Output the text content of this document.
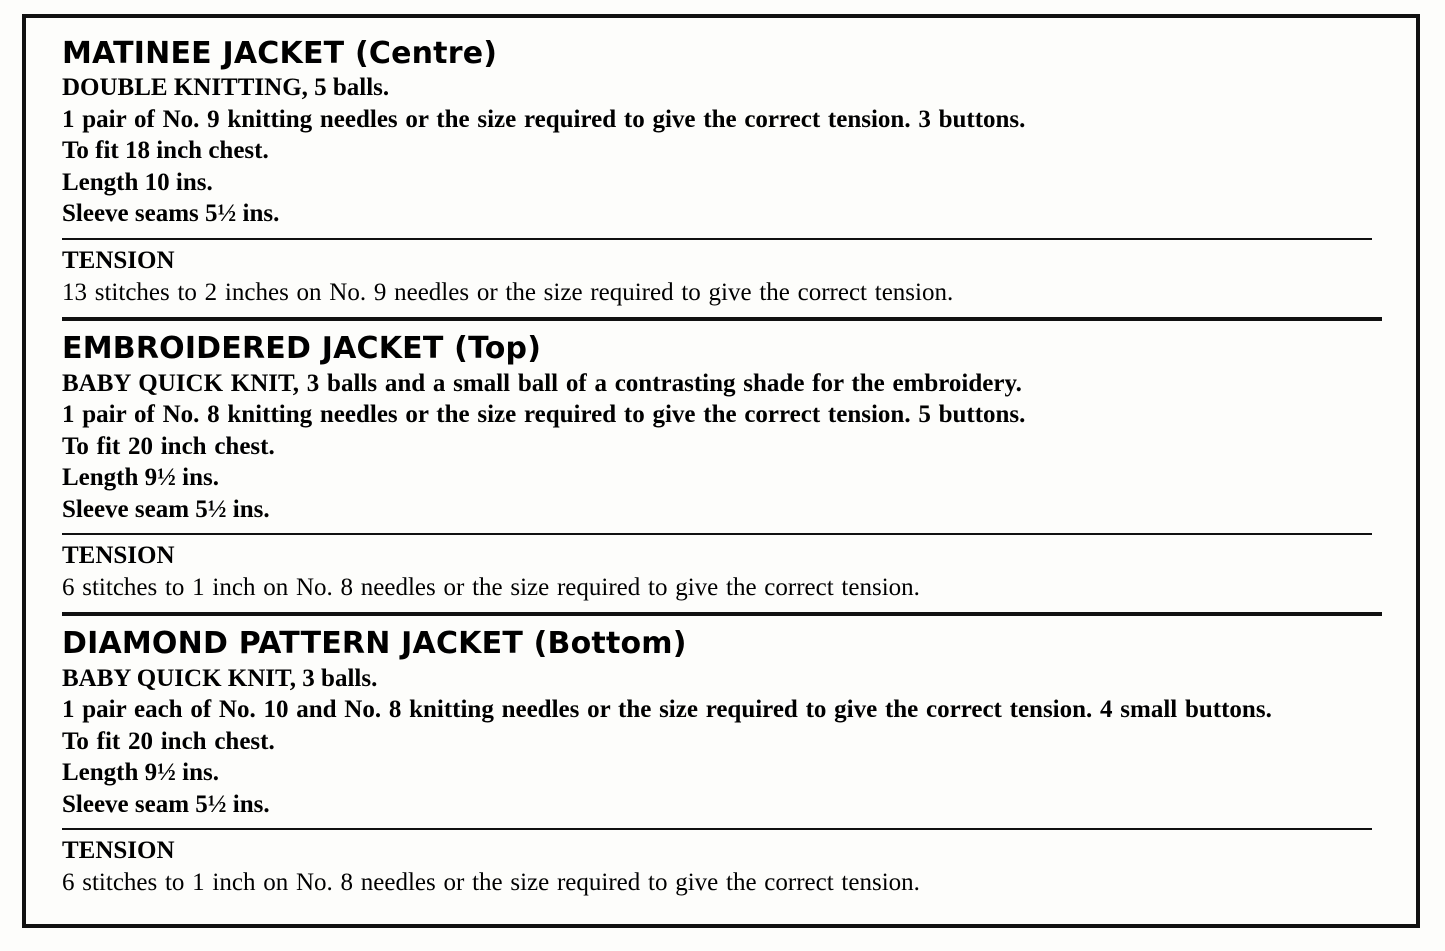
MATINEE JACKET (Centre)
DOUBLE KNITTING, 5 balls.
1 pair of No. 9 knitting needles or the size required to give the correct tension. 3 buttons.
To fit 18 inch chest.
Length 10 ins.
Sleeve seams 5½ ins.
TENSION
13 stitches to 2 inches on No. 9 needles or the size required to give the correct tension.
EMBROIDERED JACKET (Top)
BABY QUICK KNIT, 3 balls and a small ball of a contrasting shade for the embroidery.
1 pair of No. 8 knitting needles or the size required to give the correct tension. 5 buttons.
To fit 20 inch chest.
Length 9½ ins.
Sleeve seam 5½ ins.
TENSION
6 stitches to 1 inch on No. 8 needles or the size required to give the correct tension.
DIAMOND PATTERN JACKET (Bottom)
BABY QUICK KNIT, 3 balls.
1 pair each of No. 10 and No. 8 knitting needles or the size required to give the correct tension. 4 small buttons.
To fit 20 inch chest.
Length 9½ ins.
Sleeve seam 5½ ins.
TENSION
6 stitches to 1 inch on No. 8 needles or the size required to give the correct tension.
